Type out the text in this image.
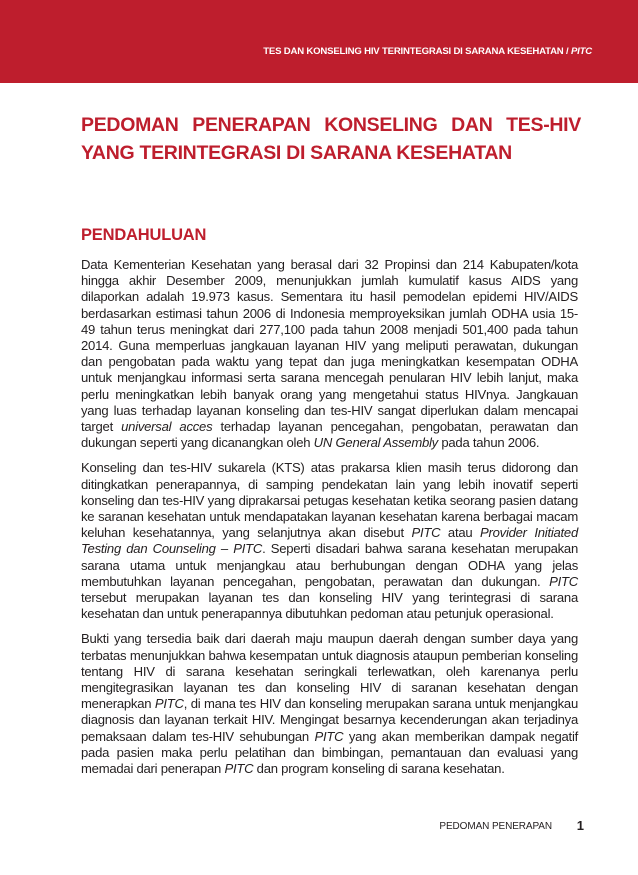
TES DAN KONSELING HIV TERINTEGRASI DI SARANA KESEHATAN / PITC
PEDOMAN PENERAPAN KONSELING DAN TES-HIV YANG TERINTEGRASI DI SARANA KESEHATAN
PENDAHULUAN

Data Kementerian Kesehatan yang berasal dari 32 Propinsi dan 214 Kabupaten/kota hingga akhir Desember 2009, menunjukkan jumlah kumulatif kasus AIDS yang dilaporkan adalah 19.973 kasus. Sementara itu hasil pemodelan epidemi HIV/AIDS berdasarkan estimasi tahun 2006 di Indonesia memproyeksikan jumlah ODHA usia 15-49 tahun terus meningkat dari 277,100 pada tahun 2008 menjadi 501,400 pada tahun 2014. Guna memperluas jangkauan layanan HIV yang meliputi perawatan, dukungan dan pengobatan pada waktu yang tepat dan juga meningkatkan kesempatan ODHA untuk menjangkau informasi serta sarana mencegah penularan HIV lebih lanjut, maka perlu meningkatkan lebih banyak orang yang mengetahui status HIVnya. Jangkauan yang luas terhadap layanan konseling dan tes-HIV sangat diperlukan dalam mencapai target universal acces terhadap layanan pencegahan, pengobatan, perawatan dan dukungan seperti yang dicanangkan oleh UN General Assembly pada tahun 2006.

Konseling dan tes-HIV sukarela (KTS) atas prakarsa klien masih terus didorong dan ditingkatkan penerapannya, di samping pendekatan lain yang lebih inovatif seperti konseling dan tes-HIV yang diprakarsai petugas kesehatan ketika seorang pasien datang ke saranan kesehatan untuk mendapatakan layanan kesehatan karena berbagai macam keluhan kesehatannya, yang selanjutnya akan disebut PITC atau Provider Initiated Testing dan Counseling – PITC. Seperti disadari bahwa sarana kesehatan merupakan sarana utama untuk menjangkau atau berhubungan dengan ODHA yang jelas membutuhkan layanan pencegahan, pengobatan, perawatan dan dukungan. PITC tersebut merupakan layanan tes dan konseling HIV yang terintegrasi di sarana kesehatan dan untuk penerapannya dibutuhkan pedoman atau petunjuk operasional.

Bukti yang tersedia baik dari daerah maju maupun daerah dengan sumber daya yang terbatas menunjukkan bahwa kesempatan untuk diagnosis ataupun pemberian konseling tentang HIV di sarana kesehatan seringkali terlewatkan, oleh karenanya perlu mengitegrasikan layanan tes dan konseling HIV di saranan kesehatan dengan menerapkan PITC, di mana tes HIV dan konseling merupakan sarana untuk menjangkau diagnosis dan layanan terkait HIV. Mengingat besarnya kecenderungan akan terjadinya pemaksaan dalam tes-HIV sehubungan PITC yang akan memberikan dampak negatif pada pasien maka perlu pelatihan dan bimbingan, pemantauan dan evaluasi yang memadai dari penerapan PITC dan program konseling di sarana kesehatan.

PEDOMAN PENERAPAN 1
